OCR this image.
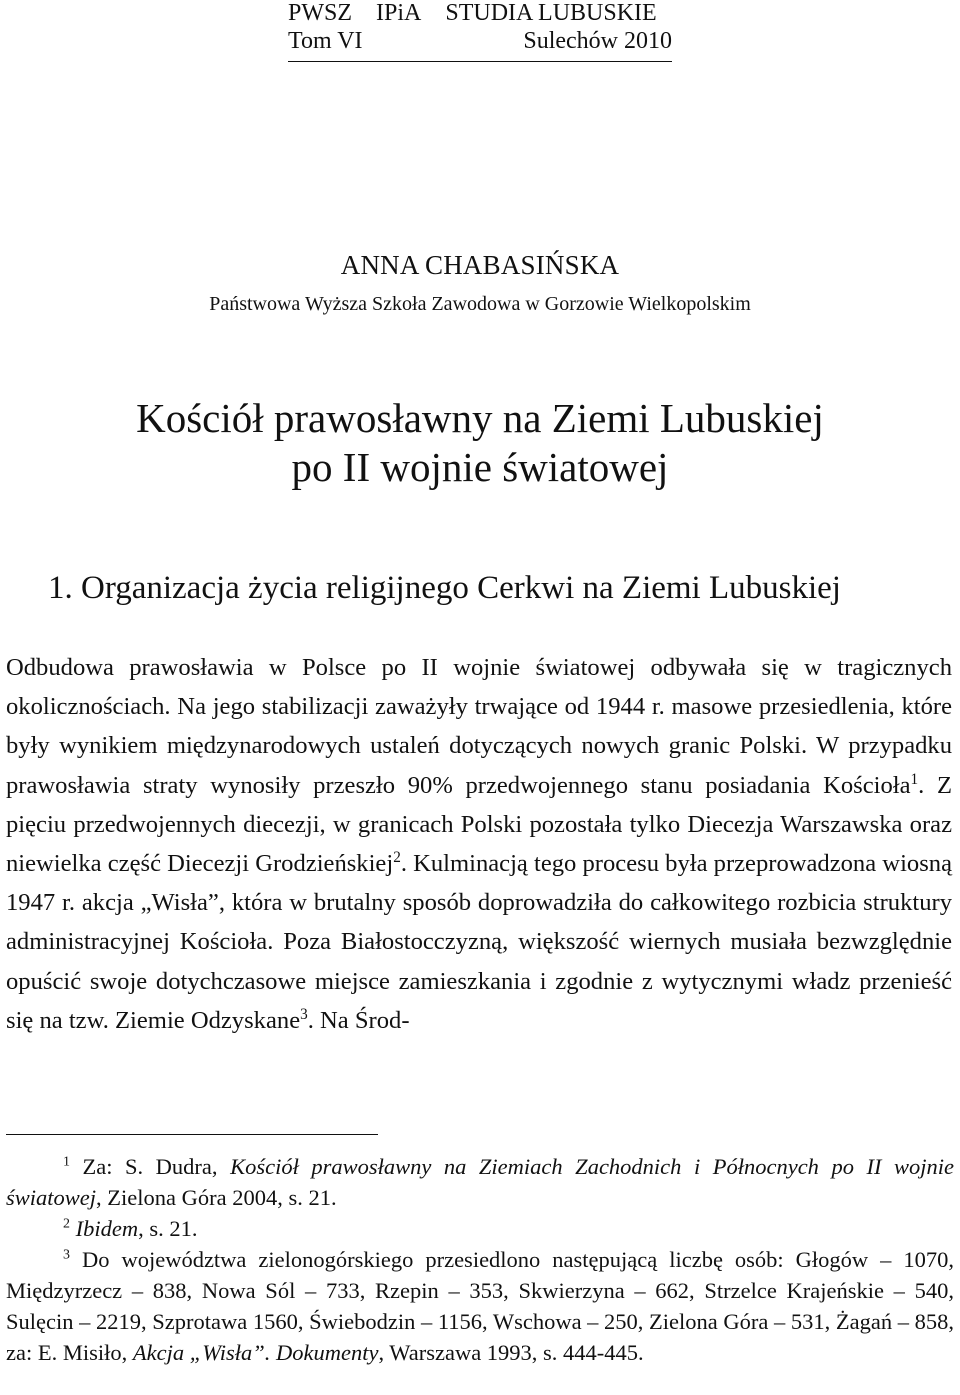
PWSZ IPiA STUDIA LUBUSKIE
Tom VI	Sulechów 2010
ANNA CHABASIŃSKA
Państwowa Wyższa Szkoła Zawodowa w Gorzowie Wielkopolskim
Kościół prawosławny na Ziemi Lubuskiej
po II wojnie światowej
1. Organizacja życia religijnego Cerkwi na Ziemi Lubuskiej
Odbudowa prawosławia w Polsce po II wojnie światowej odbywała się w tragicznych okolicznościach. Na jego stabilizacji zaważyły trwające od 1944 r. masowe przesiedlenia, które były wynikiem międzynarodowych ustaleń dotyczących nowych granic Polski. W przypadku prawosławia straty wynosiły przeszło 90% przedwojennego stanu posiadania Kościoła$^1$. Z pięciu przedwojennych diecezji, w granicach Polski pozostała tylko Diecezja Warszawska oraz niewielka część Diecezji Grodzieńskiej$^2$. Kulminacją tego procesu była przeprowadzona wiosną 1947 r. akcja „Wisła”, która w brutalny sposób doprowadziła do całkowitego rozbicia struktury administracyjnej Kościoła. Poza Białostocczyzną, większość wiernych musiała bezwzględnie opuścić swoje dotychczasowe miejsce zamieszkania i zgodnie z wytycznymi władz przenieść się na tzw. Ziemie Odzyskane$^3$. Na Środ-

$^1$ Za: S. Dudra, Kościół prawosławny na Ziemiach Zachodnich i Północnych po II wojnie światowej, Zielona Góra 2004, s. 21.

$^2$ Ibidem, s. 21.

$^3$ Do województwa zielonogórskiego przesiedlono następującą liczbę osób: Głogów – 1070, Międzyrzecz – 838, Nowa Sól – 733, Rzepin – 353, Skwierzyna – 662, Strzelce Krajeńskie – 540, Sulęcin – 2219, Szprotawa 1560, Świebodzin – 1156, Wschowa – 250, Zielona Góra – 531, Żagań – 858, za: E. Misiło, Akcja „Wisła”. Dokumenty, Warszawa 1993, s. 444-445.
